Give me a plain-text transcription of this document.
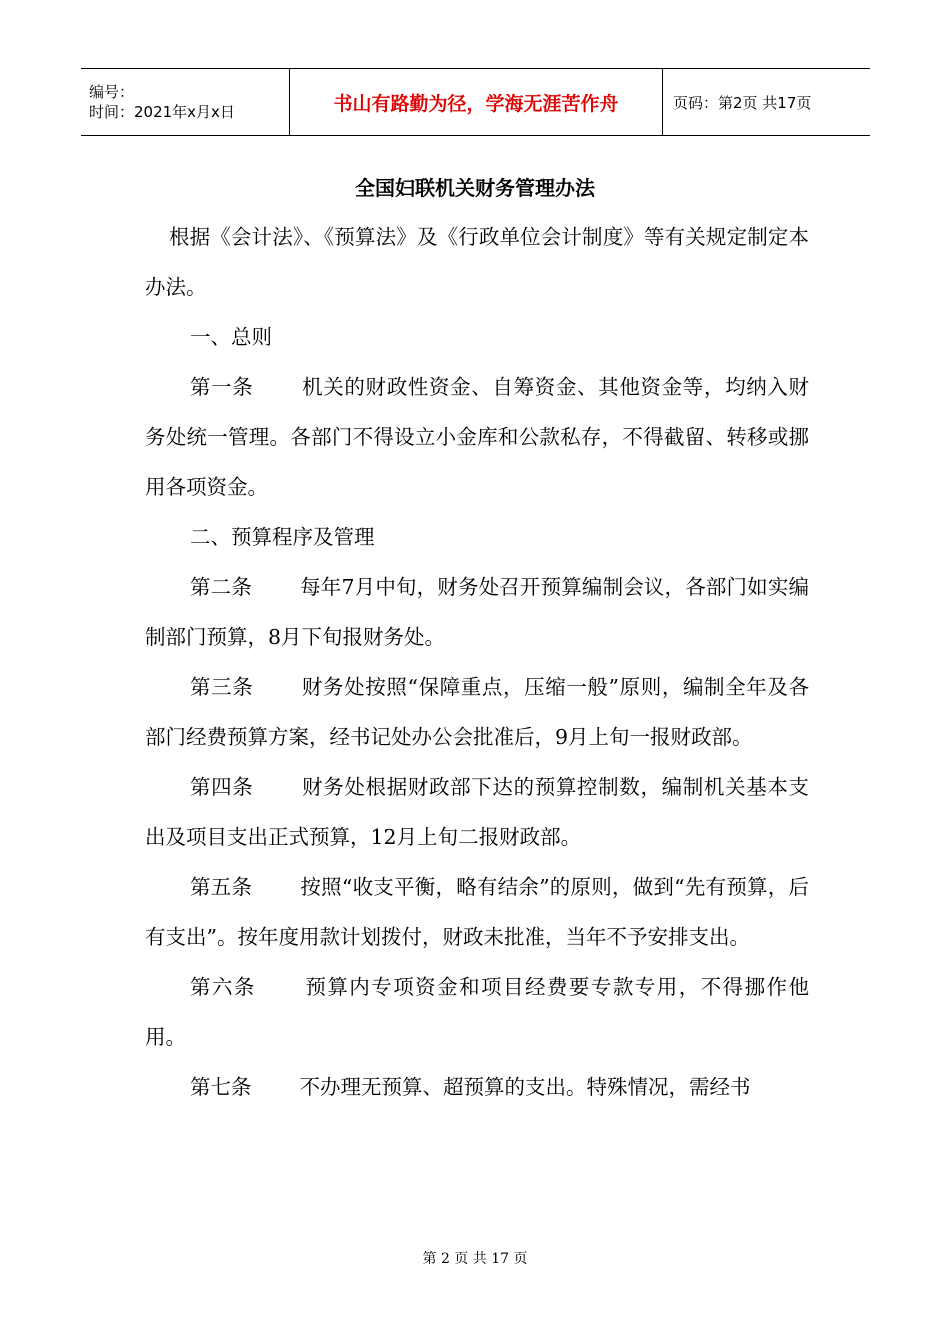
编号：
时间：2021年x月x日	书山有路勤为径，学海无涯苦作舟	页码：第2页 共17页
全国妇联机关财务管理办法

根据《会计法》、《预算法》及《行政单位会计制度》等有关规定制定本办法。

一、总则

第一条 机关的财政性资金、自筹资金、其他资金等，均纳入财务处统一管理。各部门不得设立小金库和公款私存，不得截留、转移或挪用各项资金。

二、预算程序及管理

第二条 每年7月中旬，财务处召开预算编制会议，各部门如实编制部门预算，8月下旬报财务处。

第三条 财务处按照“保障重点，压缩一般”原则，编制全年及各部门经费预算方案，经书记处办公会批准后，9月上旬一报财政部。

第四条 财务处根据财政部下达的预算控制数，编制机关基本支出及项目支出正式预算，12月上旬二报财政部。

第五条 按照“收支平衡，略有结余”的原则，做到“先有预算，后有支出”。按年度用款计划拨付，财政未批准，当年不予安排支出。

第六条 预算内专项资金和项目经费要专款专用，不得挪作他用。

第七条 不办理无预算、超预算的支出。特殊情况，需经书

第 2 页 共 17 页
